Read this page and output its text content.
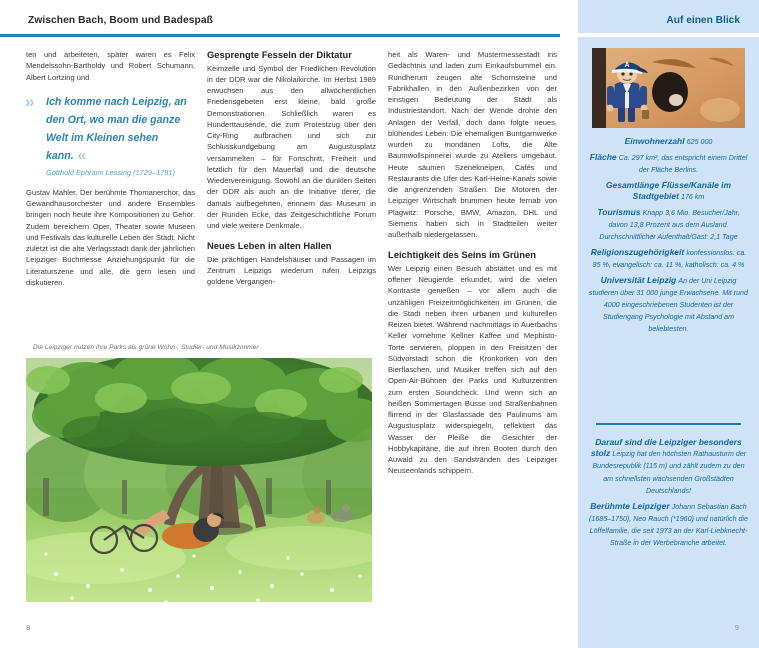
Zwischen Bach, Boom und Badespaß

ten und arbeiteten, später waren es Felix Mendelssohn-Bartholdy und Robert Schumann, Albert Lortzing und

» Ich komme nach Leipzig, an den Ort, wo man die ganze Welt im Kleinen sehen kann. «
Gotthold Ephraim Lessing (1729–1781)

Gustav Mahler. Der berühmte Thomanerchor, das Gewandhausorchester und andere Ensembles bringen noch heute ihre Kompositionen zu Gehör. Zudem bereichern Oper, Theater sowie Museen und Festivals das kulturelle Leben der Stadt. Nicht zuletzt ist die alte Verlagsstadt dank der jährlichen Leipziger Buchmesse Anziehungspunkt für die Literaturszene und alle, die gern lesen und diskutieren.

Gesprengte Fesseln der Diktatur

Keimzelle und Symbol der Friedlichen Revolution in der DDR war die Nikolaikirche. Im Herbst 1989 erwuchsen aus den allwöchentlichen Friedensgebeten erst kleine, bald große Demonstrationen. Schließlich waren es Hunderttausende, die zum Protestzug über den City-Ring aufbrachen und sich zur Schlusskundgebung am Augustusplatz versammelten – für Fortschritt, Freiheit und letztlich für den Mauerfall und die deutsche Wiedervereinigung. Sowohl an die dunklen Seiten der DDR als auch an die Initiative derer, die damals aufbegehrten, erinnern das Museum in der Runden Ecke, das Zeitgeschichtliche Forum und viele weitere Denkmale.

Neues Leben in alten Hallen

Die prächtigen Handelshäuser und Passagen im Zentrum Leipzigs wiederum rufen Leipzigs goldene Vergangen-

heit als Waren- und Mustermessestadt ins Gedächtnis und laden zum Einkaufsbummel ein. Rundherum zeugen alte Schornsteine und Fabrikhallen in den Außenbezirken von der einstigen Bedeutung der Stadt als Industriestandort. Nach der Wende drohte den Anlagen der Verfall, doch dann folgte neues, blühendes Leben: Die ehemaligen Buntgarnwerke wurden zu mondänen Lofts, die Alte Baumwollspinnerei wurde zu Ateliers umgebaut. Heute säumen Szenekneipen, Cafés und Restaurants die Ufer des Karl-Heine-Kanals sowie die angrenzenden Straßen. Die Motoren der Leipziger Wirtschaft brummen heute fernab von Plagwitz: Porsche, BMW, Amazon, DHL und Siemens haben sich in Stadtteilen weiter außerhalb niedergelassen.

Leichtigkeit des Seins im Grünen

Wer Leipzig einen Besuch abstattet und es mit offener Neugierde erkundet, wird die vielen Kontraste genießen – vor allem auch die unzähligen Freizeitmöglichkeiten im Grünen, die die Stadt neben ihren urbanen und kulturellen Reizen bietet. Während nachmittags in Auerbachs Keller vornehme Kellner Kaffee und Mephisto-Torte servieren, ploppen in den Freisitzen der Südvorstadt schon die Kronkorken von den Bierflaschen, und Musiker treffen sich auf den Open-Air-Bühnen der Parks und Kulturzentren zum ersten Soundcheck. Und wenn sich an heißen Sommertagen Busse und Straßenbahnen flirrend in der Glasfassade des Paulinums am Augustusplatz widerspiegeln, reflektiert das Wasser der Pleiße die Gesichter der Hobbykapitäne, die auf ihren Booten durch den Auwald zu den Sandstränden des Leipziger Neuseenlands schippern.

Die Leipziger nutzen ihre Parks als grüne Wohn-, Studier- und Musikzimmer
8
Auf einen Blick
A
Einwohnerzahl 625 000
Fläche Ca. 297 km², das entspricht einem Drittel der Fläche Berlins.
Gesamtlänge Flüsse/Kanäle im Stadtgebiet 176 km
Tourismus Knapp 3,6 Mio. Besucher/Jahr, davon 13,8 Prozent aus dem Ausland. Durchschnittlicher Aufenthalt/Gast: 2,1 Tage
Religionszugehörigkeit konfessionslos: ca. 85 %, evangelisch: ca. 11 %, katholisch: ca. 4 %
Universität Leipzig An der Uni Leipzig studieren über 31 000 junge Erwachsene. Mit rund 4000 eingeschriebenen Studenten ist der Studiengang Psychologie mit Abstand am beliebtesten.
Darauf sind die Leipziger besonders stolz Leipzig hat den höchsten Rathausturm der Bundesrepublik (115 m) und zählt zudem zu den am schnellsten wachsenden Großstädten Deutschlands!
Berühmte Leipziger Johann Sebastian Bach (1685–1750), Neo Rauch (*1960) und natürlich die Löffelfamilie, die seit 1973 an der Karl-Liebknecht-Straße in der Werbebranche arbeitet.
9
